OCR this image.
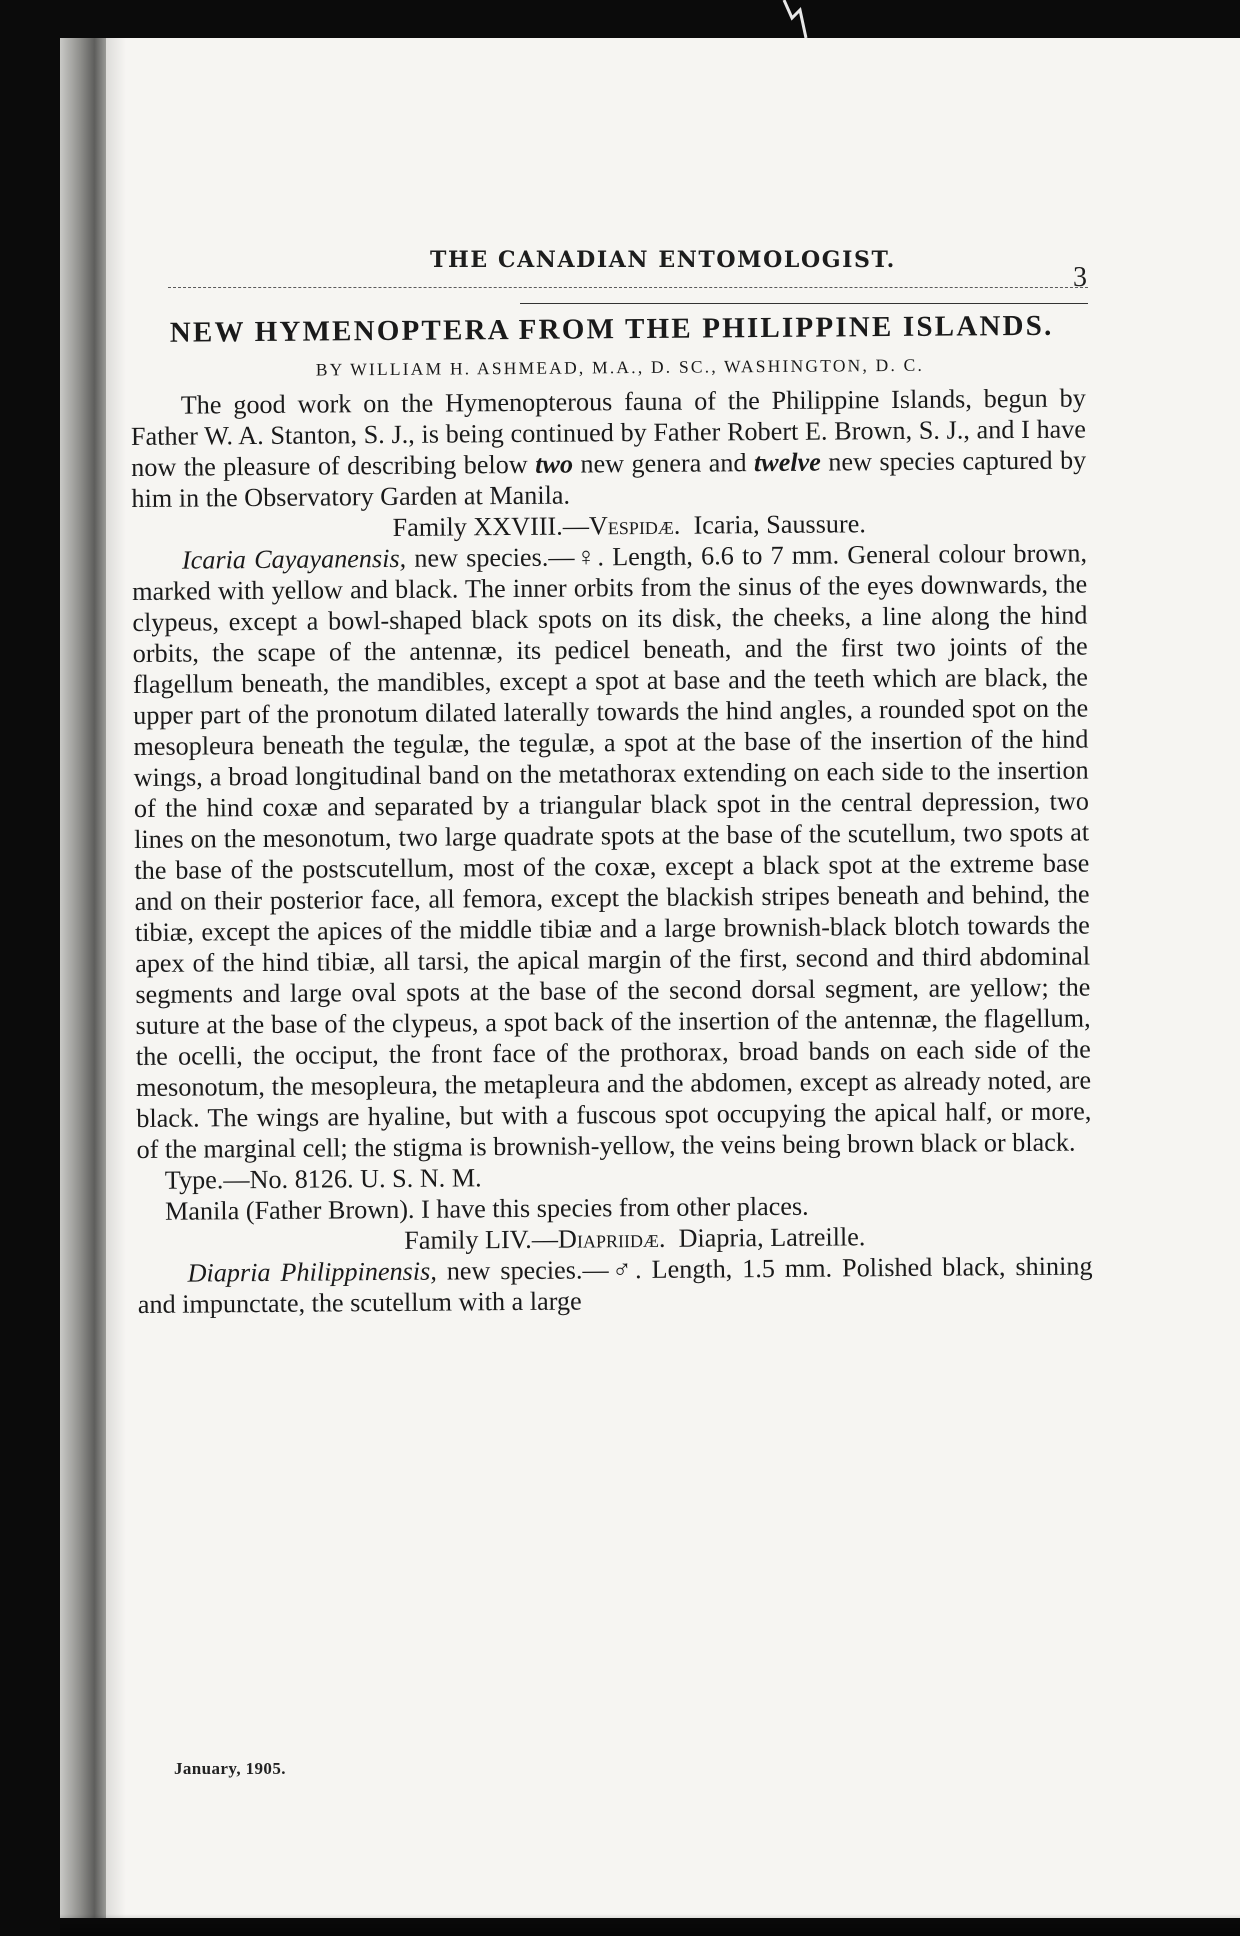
THE CANADIAN ENTOMOLOGIST.
3
NEW HYMENOPTERA FROM THE PHILIPPINE ISLANDS.
BY WILLIAM H. ASHMEAD, M.A., D. SC., WASHINGTON, D. C.

The good work on the Hymenopterous fauna of the Philippine Islands, begun by Father W. A. Stanton, S. J., is being continued by Father Robert E. Brown, S. J., and I have now the pleasure of describing below two new genera and twelve new species captured by him in the Observatory Garden at Manila.

Family XXVIII.—Vespidæ. Icaria, Saussure.

Icaria Cayayanensis, new species.—♀. Length, 6.6 to 7 mm. General colour brown, marked with yellow and black. The inner orbits from the sinus of the eyes downwards, the clypeus, except a bowl-shaped black spots on its disk, the cheeks, a line along the hind orbits, the scape of the antennæ, its pedicel beneath, and the first two joints of the flagellum beneath, the mandibles, except a spot at base and the teeth which are black, the upper part of the pronotum dilated laterally towards the hind angles, a rounded spot on the mesopleura beneath the tegulæ, the tegulæ, a spot at the base of the insertion of the hind wings, a broad longitudinal band on the metathorax extending on each side to the insertion of the hind coxæ and separated by a triangular black spot in the central depression, two lines on the mesonotum, two large quadrate spots at the base of the scutellum, two spots at the base of the postscutellum, most of the coxæ, except a black spot at the extreme base and on their posterior face, all femora, except the blackish stripes beneath and behind, the tibiæ, except the apices of the middle tibiæ and a large brownish-black blotch towards the apex of the hind tibiæ, all tarsi, the apical margin of the first, second and third abdominal segments and large oval spots at the base of the second dorsal segment, are yellow; the suture at the base of the clypeus, a spot back of the insertion of the antennæ, the flagellum, the ocelli, the occiput, the front face of the prothorax, broad bands on each side of the mesonotum, the mesopleura, the metapleura and the abdomen, except as already noted, are black. The wings are hyaline, but with a fuscous spot occupying the apical half, or more, of the marginal cell; the stigma is brownish-yellow, the veins being brown black or black.

Type.—No. 8126. U. S. N. M.

Manila (Father Brown). I have this species from other places.

Family LIV.—Diapriidæ. Diapria, Latreille.

Diapria Philippinensis, new species.—♂. Length, 1.5 mm. Polished black, shining and impunctate, the scutellum with a large

January, 1905.
